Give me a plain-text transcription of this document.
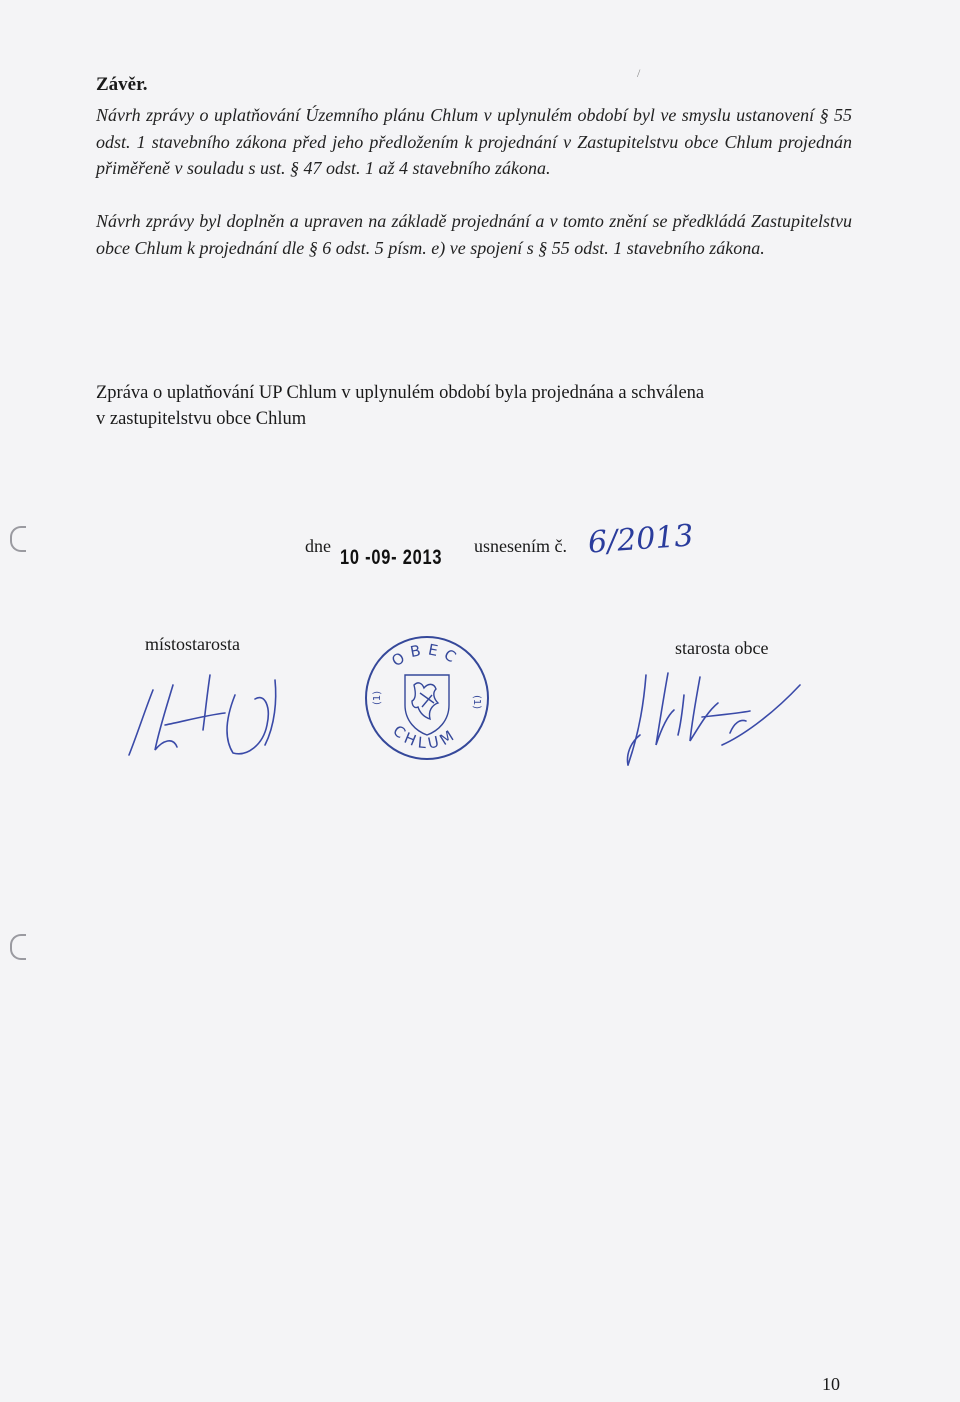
/
Závěr.

Návrh zprávy o uplatňování Územního plánu Chlum v uplynulém období byl ve smyslu ustanovení § 55 odst. 1 stavebního zákona před jeho předložením k projednání v Zastupitelstvu obce Chlum projednán přiměřeně v souladu s ust. § 47 odst. 1 až 4 stavebního zákona.

Návrh zprávy byl doplněn a upraven na základě projednání a v tomto znění se předkládá Zastupitelstvu obce Chlum k projednání dle § 6 odst. 5 písm. e) ve spojení s § 55 odst. 1 stavebního zákona.

Zpráva o uplatňování UP Chlum v uplynulém období byla projednána a schválena
v zastupitelstvu obce Chlum
dne 10 -09- 2013 usnesením č. 6/2013
místostarosta	starosta obce
OBEC
CHLUM
(1)	(1)
10
